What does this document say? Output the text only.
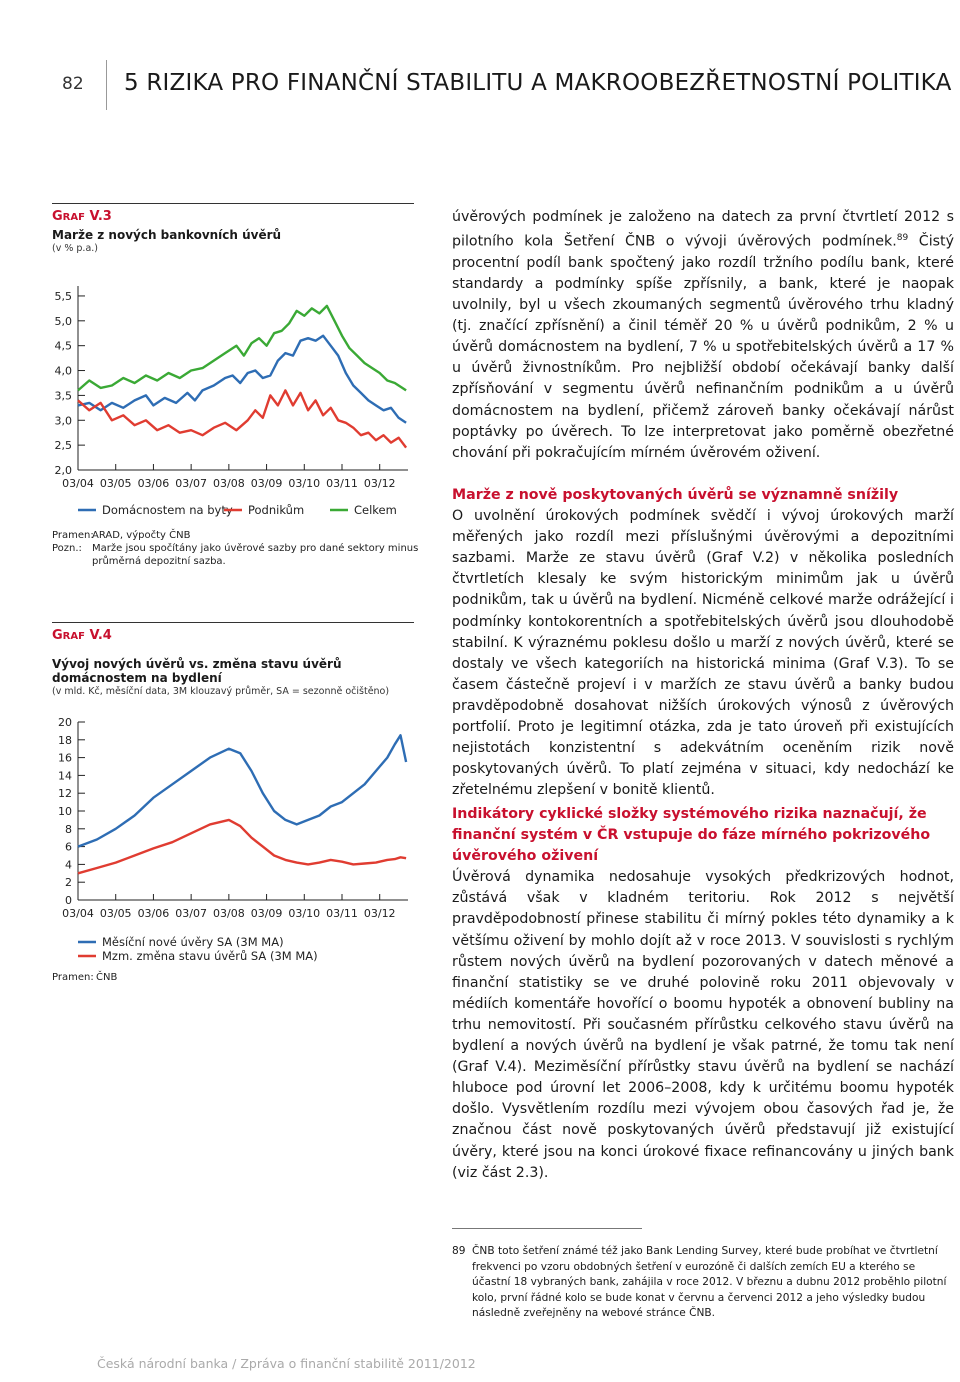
82 5 RIZIKA PRO FINANČNÍ STABILITU A MAKROOBEZŘETNOSTNÍ POLITIKA
GRAF V.3
Marže z nových bankovních úvěrů
(v % p.a.)
2,0
2,5
3,0
3,5
4,0
4,5
5,0
5,5
03/04 03/05 03/06 03/07 03/08 03/09 03/10 03/11 03/12
Domácnostem na byty Podnikům	Celkem
Pramen:ARAD, výpočty ČNB
Pozn.: Marže jsou spočítány jako úvěrové sazby pro dané sektory minus průměrná depozitní sazba.
GRAF V.4
Vývoj nových úvěrů vs. změna stavu úvěrů domácnostem na bydlení
(v mld. Kč, měsíční data, 3M klouzavý průměr, SA = sezonně očištěno)
0
2
4
6
8
10
12
14
16
18
20
03/04 03/05 03/06 03/07 03/08 03/09 03/10 03/11 03/12
Měsíční nové úvěry SA (3M MA)
Mzm. změna stavu úvěrů SA (3M MA)
Pramen: ČNB

úvěrových podmínek je založeno na datech za první čtvrtletí 2012 s pilotního kola Šetření ČNB o vývoji úvěrových podmínek.$^{89}$ Čistý procentní podíl bank spočtený jako rozdíl tržního podílu bank, které standardy a podmínky spíše zpřísnily, a bank, které je naopak uvolnily, byl u všech zkoumaných segmentů úvěrového trhu kladný (tj. značící zpřísnění) a činil téměř 20 % u úvěrů podnikům, 2 % u úvěrů domácnostem na bydlení, 7 % u spotřebitelských úvěrů a 17 % u úvěrů živnostníkům. Pro nejbližší období očekávají banky další zpřísňování v segmentu úvěrů nefinančním podnikům a u úvěrů domácnostem na bydlení, přičemž zároveň banky očekávají nárůst poptávky po úvěrech. To lze interpretovat jako poměrně obezřetné chování při pokračujícím mírném úvěrovém oživení.

Marže z nově poskytovaných úvěrů se významně snížily

O uvolnění úrokových podmínek svědčí i vývoj úrokových marží měřených jako rozdíl mezi příslušnými úvěrovými a depozitními sazbami. Marže ze stavu úvěrů (Graf V.2) v několika posledních čtvrtletích klesaly ke svým historickým minimům jak u úvěrů podnikům, tak u úvěrů na bydlení. Nicméně celkové marže odrážející i podmínky kontokorentních a spotřebitelských úvěrů jsou dlouhodobě stabilní. K výraznému poklesu došlo u marží z nových úvěrů, které se dostaly ve všech kategoriích na historická minima (Graf V.3). To se časem částečně projeví i v maržích ze stavu úvěrů a banky budou pravděpodobně dosahovat nižších úrokových výnosů z úvěrových portfolií. Proto je legitimní otázka, zda je tato úroveň při existujících nejistotách konzistentní s adekvátním oceněním rizik nově poskytovaných úvěrů. To platí zejména v situaci, kdy nedochází ke zřetelnému zlepšení v bonitě klientů.

Indikátory cyklické složky systémového rizika naznačují, že finanční systém v ČR vstupuje do fáze mírného pokrizového úvěrového oživení

Úvěrová dynamika nedosahuje vysokých předkrizových hodnot, zůstává však v kladném teritoriu. Rok 2012 s největší pravděpodobností přinese stabilitu či mírný pokles této dynamiky a k většímu oživení by mohlo dojít až v roce 2013. V souvislosti s rychlým růstem nových úvěrů na bydlení pozorovaných v datech měnové a finanční statistiky se ve druhé polovině roku 2011 objevovaly v médiích komentáře hovořící o boomu hypoték a obnovení bubliny na trhu nemovitostí. Při současném přírůstku celkového stavu úvěrů na bydlení a nových úvěrů na bydlení je však patrné, že tomu tak není (Graf V.4). Meziměsíční přírůstky stavu úvěrů na bydlení se nachází hluboce pod úrovní let 2006–2008, kdy k určitému boomu hypoték došlo. Vysvětlením rozdílu mezi vývojem obou časových řad je, že značnou část nově poskytovaných úvěrů představují již existující úvěry, které jsou na konci úrokové fixace refinancovány u jiných bank (viz část 2.3).

89 ČNB toto šetření známé též jako Bank Lending Survey, které bude probíhat ve čtvrtletní frekvenci po vzoru obdobných šetření v eurozóně či dalších zemích EU a kterého se účastní 18 vybraných bank, zahájila v roce 2012. V březnu a dubnu 2012 proběhlo pilotní kolo, první řádné kolo se bude konat v červnu a červenci 2012 a jeho výsledky budou následně zveřejněny na webové stránce ČNB.
Česká národní banka / Zpráva o finanční stabilitě 2011/2012
